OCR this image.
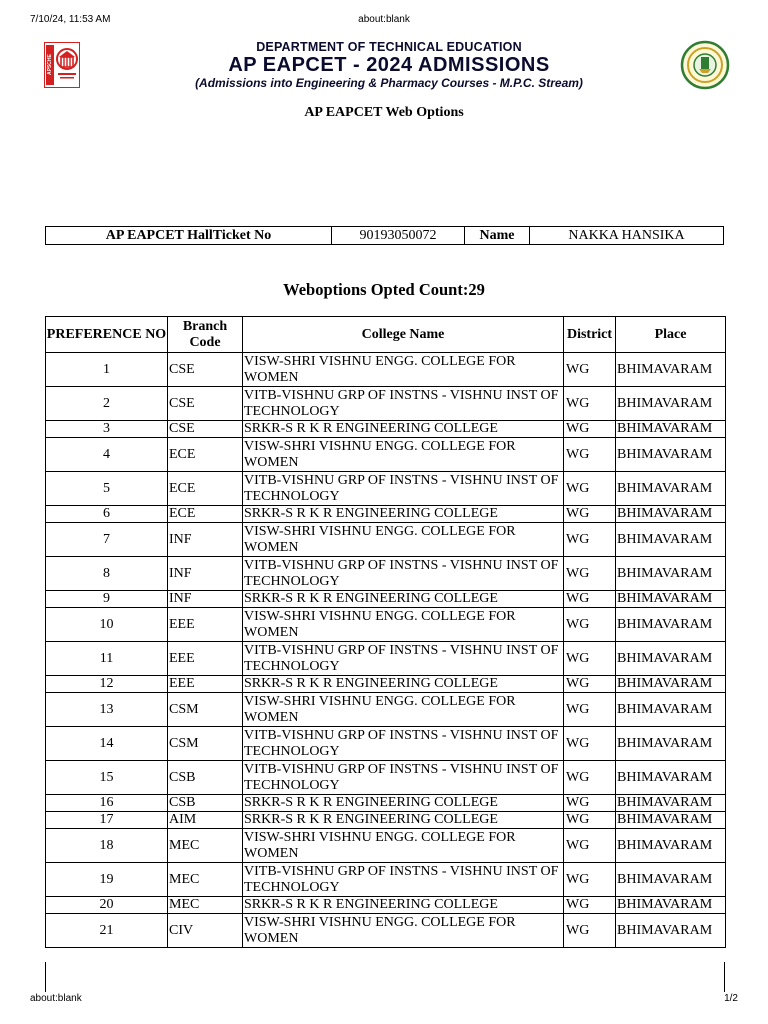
7/10/24, 11:53 AM	about:blank
APSCHE
DEPARTMENT OF TECHNICAL EDUCATION
AP EAPCET - 2024 ADMISSIONS
(Admissions into Engineering & Pharmacy Courses - M.P.C. Stream)
AP EAPCET Web Options
AP EAPCET HallTicket No	90193050072	Name	NAKKA HANSIKA
Weboptions Opted Count:29
PREFERENCE NO	Branch Code	College Name	District	Place
1	CSE	VISW-SHRI VISHNU ENGG. COLLEGE FOR WOMEN	WG	BHIMAVARAM
2	CSE	VITB-VISHNU GRP OF INSTNS - VISHNU INST OF TECHNOLOGY	WG	BHIMAVARAM
3	CSE	SRKR-S R K R ENGINEERING COLLEGE	WG	BHIMAVARAM
4	ECE	VISW-SHRI VISHNU ENGG. COLLEGE FOR WOMEN	WG	BHIMAVARAM
5	ECE	VITB-VISHNU GRP OF INSTNS - VISHNU INST OF TECHNOLOGY	WG	BHIMAVARAM
6	ECE	SRKR-S R K R ENGINEERING COLLEGE	WG	BHIMAVARAM
7	INF	VISW-SHRI VISHNU ENGG. COLLEGE FOR WOMEN	WG	BHIMAVARAM
8	INF	VITB-VISHNU GRP OF INSTNS - VISHNU INST OF TECHNOLOGY	WG	BHIMAVARAM
9	INF	SRKR-S R K R ENGINEERING COLLEGE	WG	BHIMAVARAM
10	EEE	VISW-SHRI VISHNU ENGG. COLLEGE FOR WOMEN	WG	BHIMAVARAM
11	EEE	VITB-VISHNU GRP OF INSTNS - VISHNU INST OF TECHNOLOGY	WG	BHIMAVARAM
12	EEE	SRKR-S R K R ENGINEERING COLLEGE	WG	BHIMAVARAM
13	CSM	VISW-SHRI VISHNU ENGG. COLLEGE FOR WOMEN	WG	BHIMAVARAM
14	CSM	VITB-VISHNU GRP OF INSTNS - VISHNU INST OF TECHNOLOGY	WG	BHIMAVARAM
15	CSB	VITB-VISHNU GRP OF INSTNS - VISHNU INST OF TECHNOLOGY	WG	BHIMAVARAM
16	CSB	SRKR-S R K R ENGINEERING COLLEGE	WG	BHIMAVARAM
17	AIM	SRKR-S R K R ENGINEERING COLLEGE	WG	BHIMAVARAM
18	MEC	VISW-SHRI VISHNU ENGG. COLLEGE FOR WOMEN	WG	BHIMAVARAM
19	MEC	VITB-VISHNU GRP OF INSTNS - VISHNU INST OF TECHNOLOGY	WG	BHIMAVARAM
20	MEC	SRKR-S R K R ENGINEERING COLLEGE	WG	BHIMAVARAM
21	CIV	VISW-SHRI VISHNU ENGG. COLLEGE FOR WOMEN	WG	BHIMAVARAM
about:blank	1/2
